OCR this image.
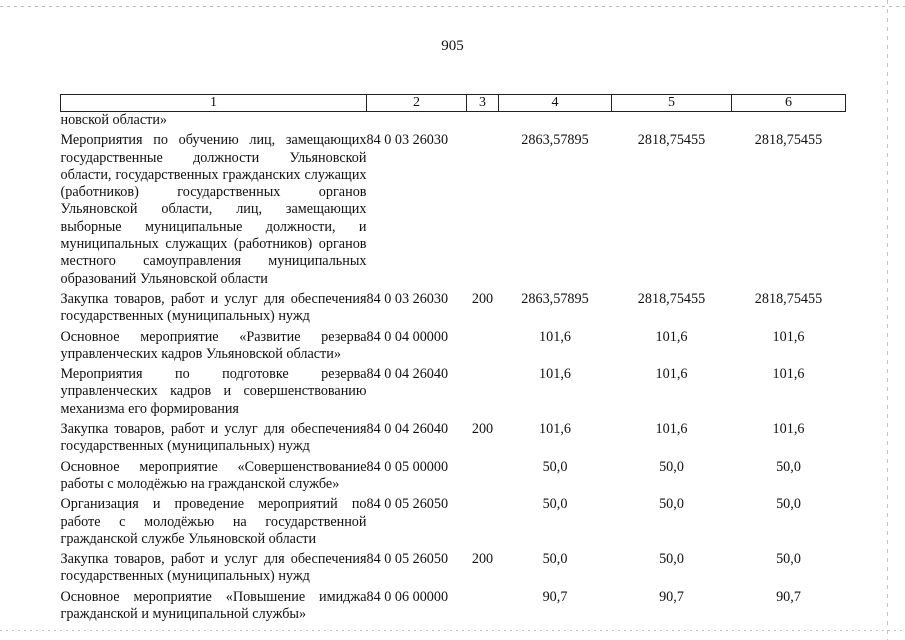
905
1	2	3	4	5	6
новской области»					
Мероприятия по обучению лиц, замещающих государственные должности Ульяновской области, государственных гражданских служащих (работников) государственных органов Ульяновской области, лиц, замещающих выборные муниципальные должности, и муниципальных служащих (работников) органов местного самоуправления муниципальных образований Ульяновской области	84 0 03 26030		2863,57895	2818,75455	2818,75455
Закупка товаров, работ и услуг для обеспечения государственных (муниципальных) нужд	84 0 03 26030	200	2863,57895	2818,75455	2818,75455
Основное мероприятие «Развитие резерва управленческих кадров Ульяновской области»	84 0 04 00000		101,6	101,6	101,6
Мероприятия по подготовке резерва управленческих кадров и совершенствованию механизма его формирования	84 0 04 26040		101,6	101,6	101,6
Закупка товаров, работ и услуг для обеспечения государственных (муниципальных) нужд	84 0 04 26040	200	101,6	101,6	101,6
Основное мероприятие «Совершенствование работы с молодёжью на гражданской службе»	84 0 05 00000		50,0	50,0	50,0
Организация и проведение мероприятий по работе с молодёжью на государственной гражданской службе Ульяновской области	84 0 05 26050		50,0	50,0	50,0
Закупка товаров, работ и услуг для обеспечения государственных (муниципальных) нужд	84 0 05 26050	200	50,0	50,0	50,0
Основное мероприятие «Повышение имиджа гражданской и муниципальной службы»	84 0 06 00000		90,7	90,7	90,7
